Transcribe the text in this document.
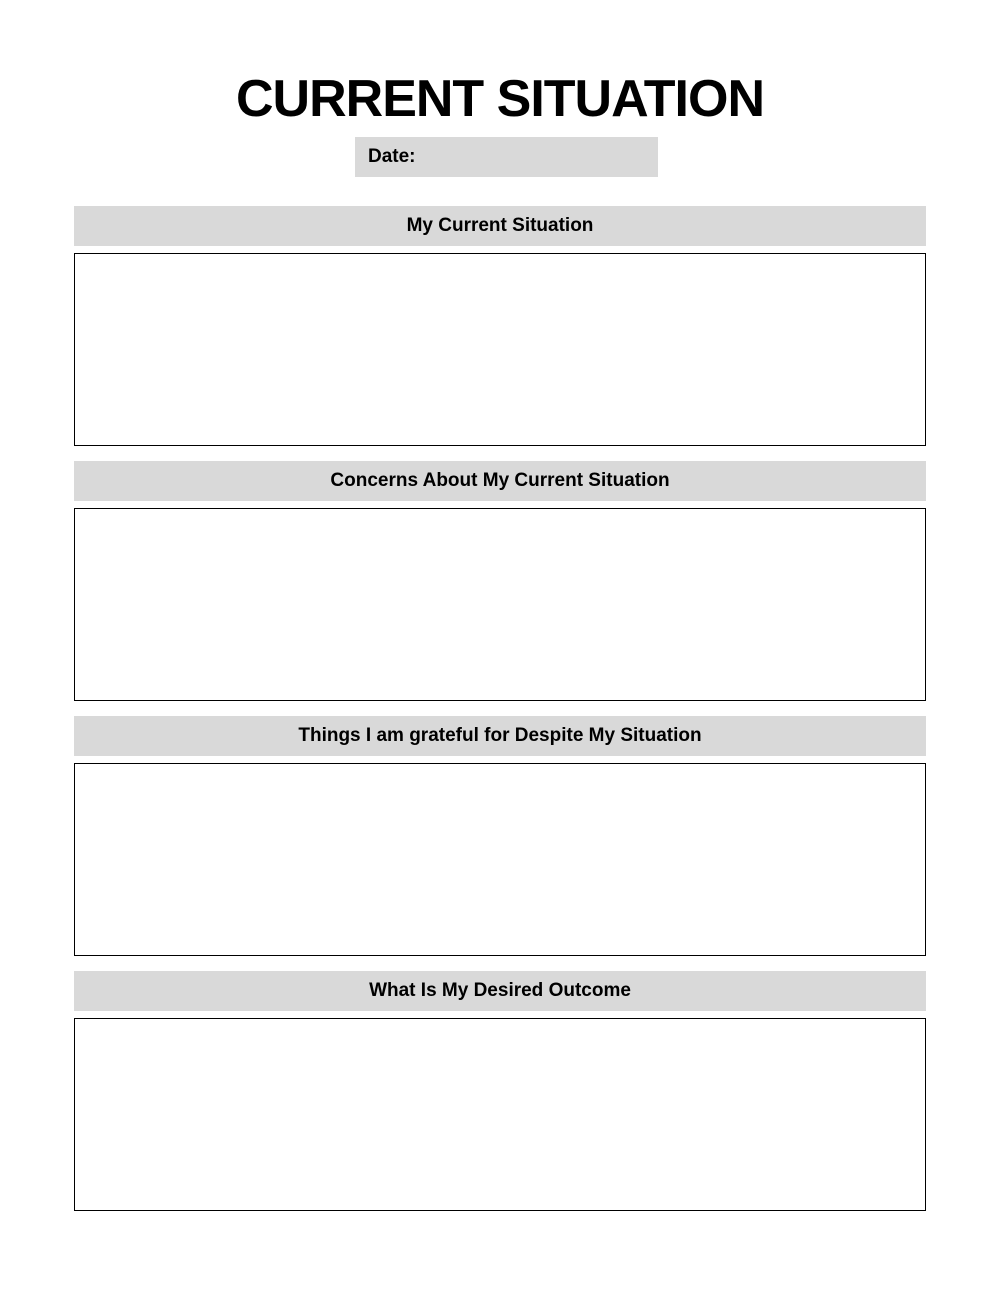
CURRENT SITUATION
Date:
My Current Situation
Concerns About My Current Situation
Things I am grateful for Despite My Situation
What Is My Desired Outcome
